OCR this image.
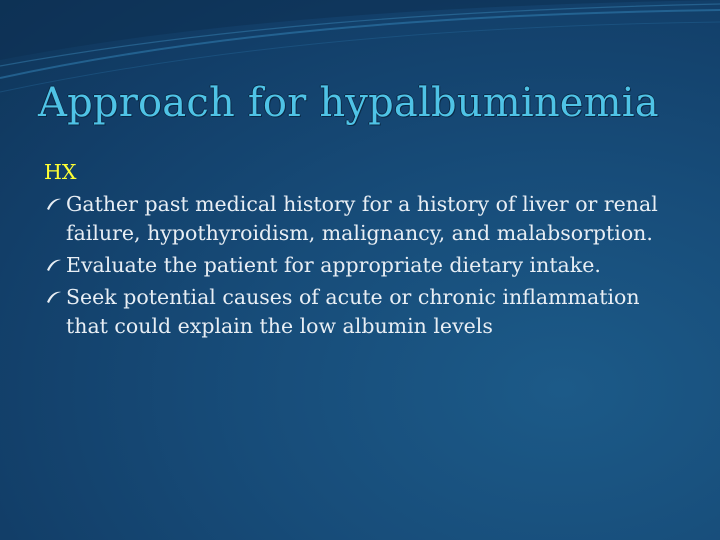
Approach for hypalbuminemia
HX
Gather past medical history for a history of liver or renal failure, hypothyroidism, malignancy, and malabsorption.
Evaluate the patient for appropriate dietary intake.
Seek potential causes of acute or chronic inflammation that could explain the low albumin levels
